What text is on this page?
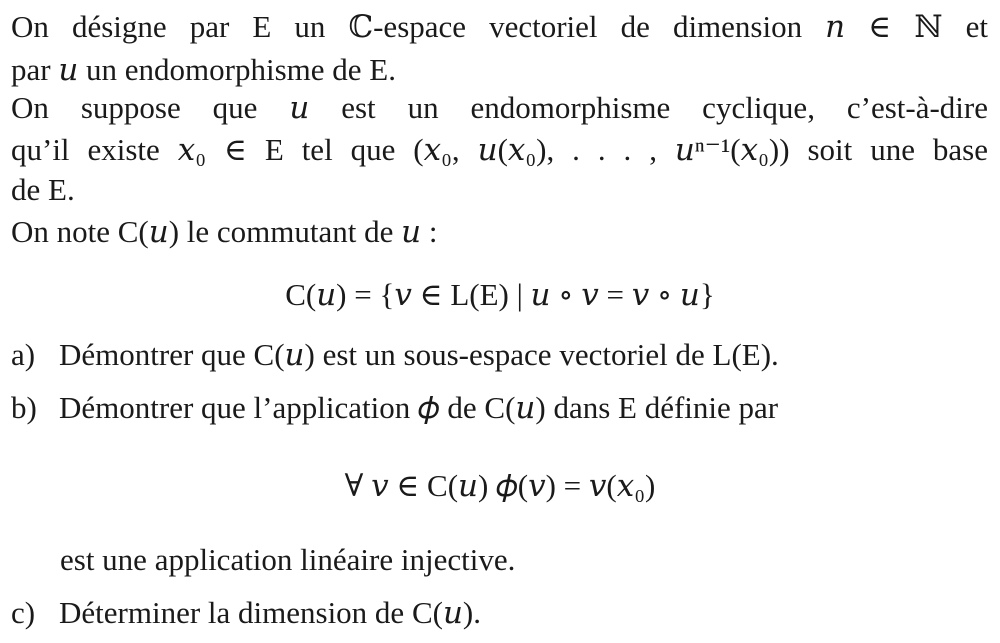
On désigne par E un ℂ-espace vectoriel de dimension 𝑛 ∈ ℕ et
par 𝑢 un endomorphisme de E.
On suppose que 𝑢 est un endomorphisme cyclique, c’est-à-dire
qu’il existe 𝑥₀ ∈ E tel que (𝑥₀, 𝑢(𝑥₀), . . . , 𝑢ⁿ⁻¹(𝑥₀)) soit une base
de E.
On note C(𝑢) le commutant de 𝑢 :
C(𝑢) = {𝑣 ∈ L(E) | 𝑢 ∘ 𝑣 = 𝑣 ∘ 𝑢}
a) Démontrer que C(𝑢) est un sous-espace vectoriel de L(E).
b) Démontrer que l’application 𝜙 de C(𝑢) dans E définie par
∀ 𝑣 ∈ C(𝑢) 𝜙(𝑣) = 𝑣(𝑥₀)
est une application linéaire injective.
c) Déterminer la dimension de C(𝑢).
